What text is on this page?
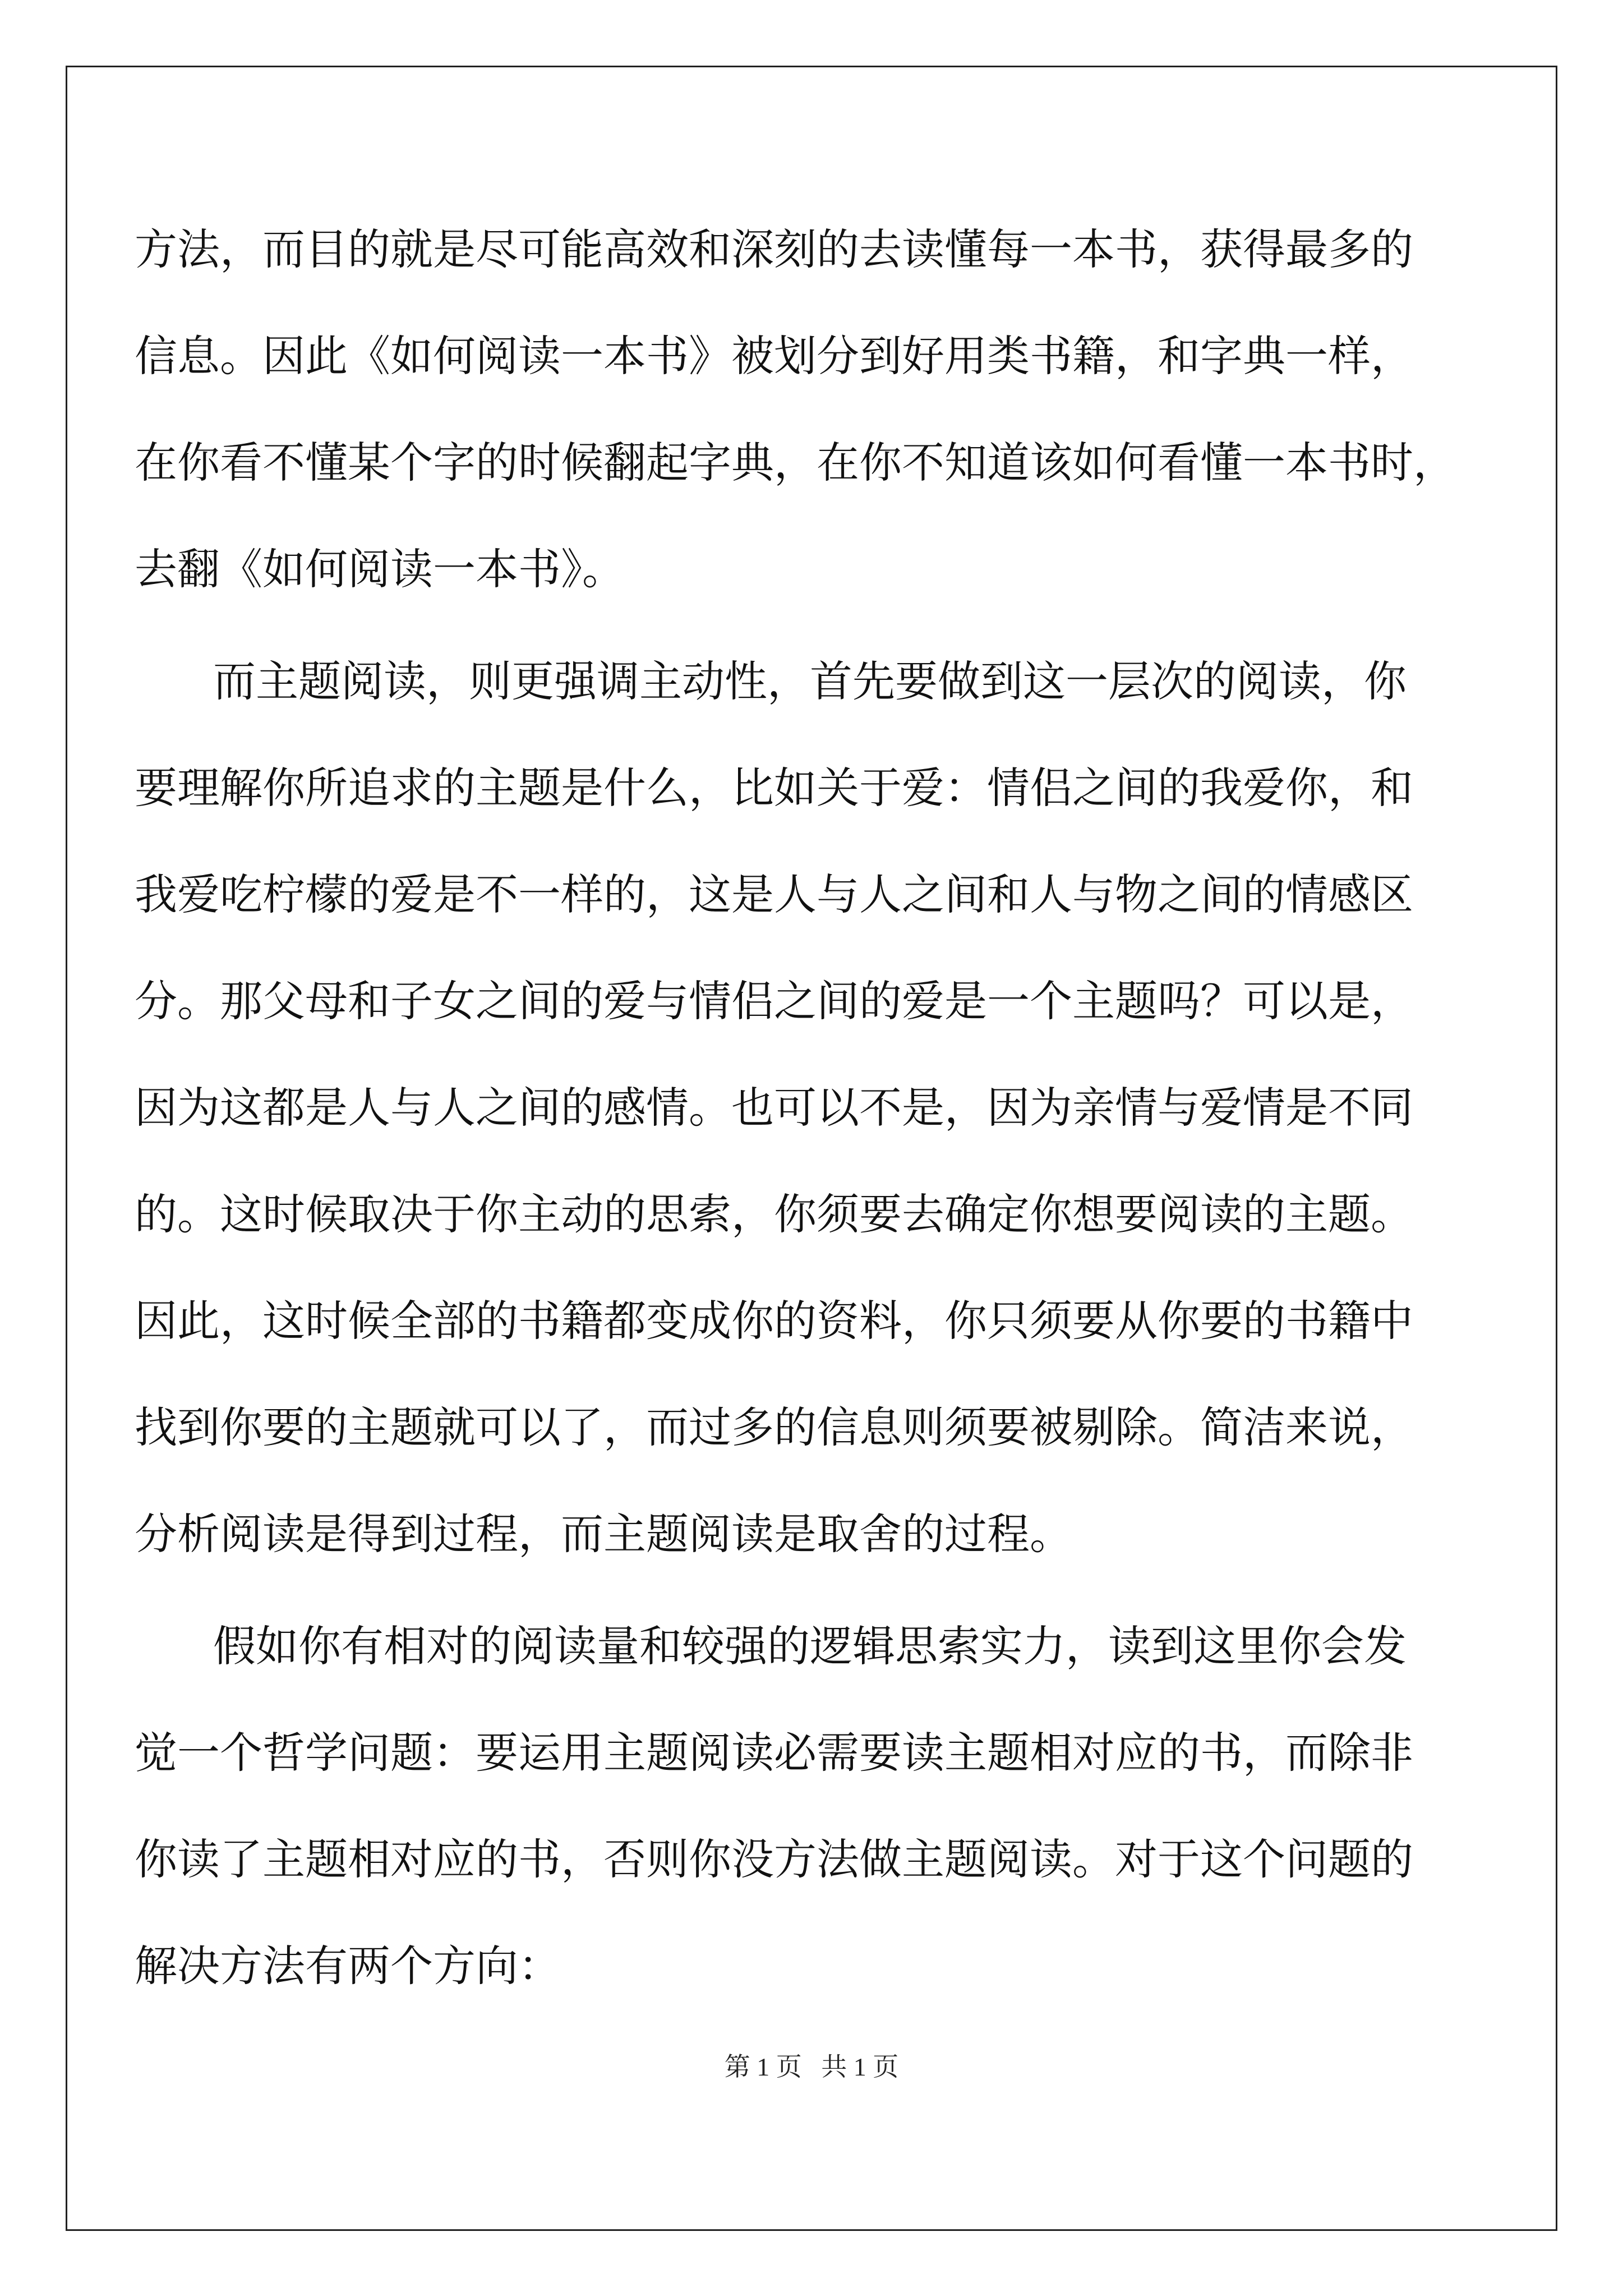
方法，而目的就是尽可能高效和深刻的去读懂每一本书，获得最多的
信息。因此《如何阅读一本书》被划分到好用类书籍，和字典一样，
在你看不懂某个字的时候翻起字典，在你不知道该如何看懂一本书时，
去翻《如何阅读一本书》。
而主题阅读，则更强调主动性，首先要做到这一层次的阅读，你
要理解你所追求的主题是什么，比如关于爱：情侣之间的我爱你，和
我爱吃柠檬的爱是不一样的，这是人与人之间和人与物之间的情感区
分。那父母和子女之间的爱与情侣之间的爱是一个主题吗？可以是，
因为这都是人与人之间的感情。也可以不是，因为亲情与爱情是不同
的。这时候取决于你主动的思索，你须要去确定你想要阅读的主题。
因此，这时候全部的书籍都变成你的资料，你只须要从你要的书籍中
找到你要的主题就可以了，而过多的信息则须要被剔除。简洁来说，
分析阅读是得到过程，而主题阅读是取舍的过程。
假如你有相对的阅读量和较强的逻辑思索实力，读到这里你会发
觉一个哲学问题：要运用主题阅读必需要读主题相对应的书，而除非
你读了主题相对应的书，否则你没方法做主题阅读。对于这个问题的
解决方法有两个方向：
第 1 页 共 1 页
